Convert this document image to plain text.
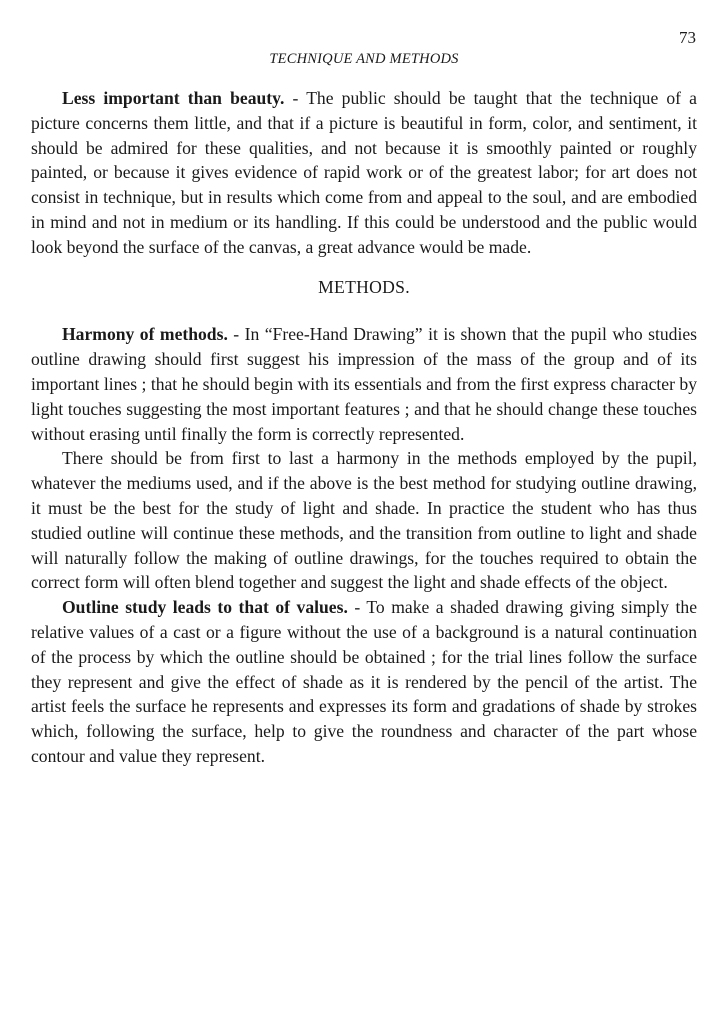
73
TECHNIQUE AND METHODS

Less important than beauty. - The public should be taught that the technique of a picture concerns them little, and that if a picture is beautiful in form, color, and sentiment, it should be admired for these qualities, and not because it is smoothly painted or roughly painted, or because it gives evidence of rapid work or of the greatest labor; for art does not consist in technique, but in results which come from and appeal to the soul, and are embodied in mind and not in medium or its handling. If this could be understood and the public would look beyond the surface of the canvas, a great advance would be made.

METHODS.

Harmony of methods. - In “Free-Hand Drawing” it is shown that the pupil who studies outline drawing should first suggest his impression of the mass of the group and of its important lines ; that he should begin with its essentials and from the first express character by light touches suggesting the most important features ; and that he should change these touches without erasing until finally the form is correctly represented.

There should be from first to last a harmony in the methods employed by the pupil, whatever the mediums used, and if the above is the best method for studying outline drawing, it must be the best for the study of light and shade. In practice the student who has thus studied outline will continue these methods, and the transition from outline to light and shade will naturally follow the making of outline drawings, for the touches required to obtain the correct form will often blend together and suggest the light and shade effects of the object.

Outline study leads to that of values. - To make a shaded drawing giving simply the relative values of a cast or a figure without the use of a background is a natural continuation of the process by which the outline should be obtained ; for the trial lines follow the surface they represent and give the effect of shade as it is rendered by the pencil of the artist. The artist feels the surface he represents and expresses its form and gradations of shade by strokes which, following the surface, help to give the roundness and character of the part whose contour and value they represent.
